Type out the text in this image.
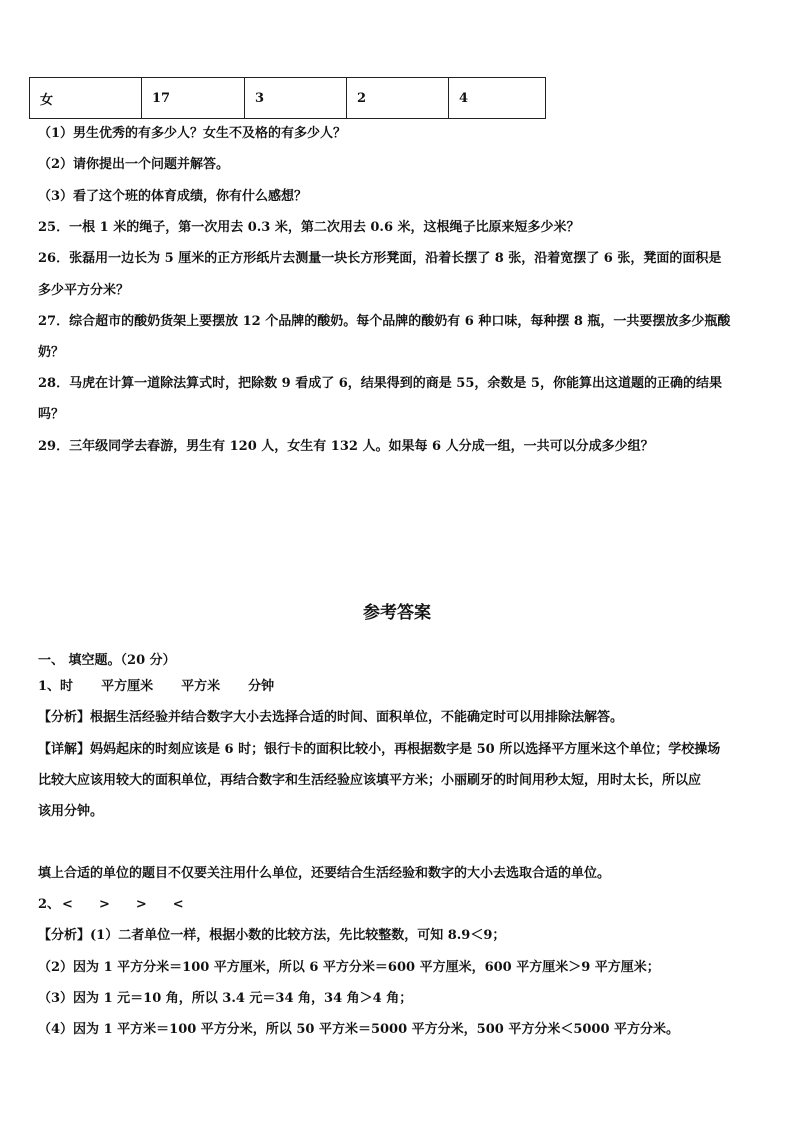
女	17	3	2	4
（1）男生优秀的有多少人？女生不及格的有多少人？
（2）请你提出一个问题并解答。
（3）看了这个班的体育成绩，你有什么感想？
25．一根 1 米的绳子，第一次用去 0.3 米，第二次用去 0.6 米，这根绳子比原来短多少米？
26．张磊用一边长为 5 厘米的正方形纸片去测量一块长方形凳面，沿着长摆了 8 张，沿着宽摆了 6 张，凳面的面积是
多少平方分米？
27．综合超市的酸奶货架上要摆放 12 个品牌的酸奶。每个品牌的酸奶有 6 种口味，每种摆 8 瓶，一共要摆放多少瓶酸
奶？
28．马虎在计算一道除法算式时，把除数 9 看成了 6，结果得到的商是 55，余数是 5，你能算出这道题的正确的结果
吗？
29．三年级同学去春游，男生有 120 人，女生有 132 人。如果每 6 人分成一组，一共可以分成多少组？
参考答案
一、 填空题。（20 分）
1、时 平方厘米 平方米 分钟
【分析】根据生活经验并结合数字大小去选择合适的时间、面积单位，不能确定时可以用排除法解答。
【详解】妈妈起床的时刻应该是 6 时；银行卡的面积比较小，再根据数字是 50 所以选择平方厘米这个单位；学校操场
比较大应该用较大的面积单位，再结合数字和生活经验应该填平方米；小丽刷牙的时间用秒太短，用时太长，所以应
该用分钟。
填上合适的单位的题目不仅要关注用什么单位，还要结合生活经验和数字的大小去选取合适的单位。
2、 < > > <
【分析】(1）二者单位一样，根据小数的比较方法，先比较整数，可知 8.9＜9；
（2）因为 1 平方分米＝100 平方厘米，所以 6 平方分米＝600 平方厘米，600 平方厘米＞9 平方厘米；
（3）因为 1 元＝10 角，所以 3.4 元＝34 角，34 角＞4 角；
（4）因为 1 平方米＝100 平方分米，所以 50 平方米＝5000 平方分米，500 平方分米＜5000 平方分米。
